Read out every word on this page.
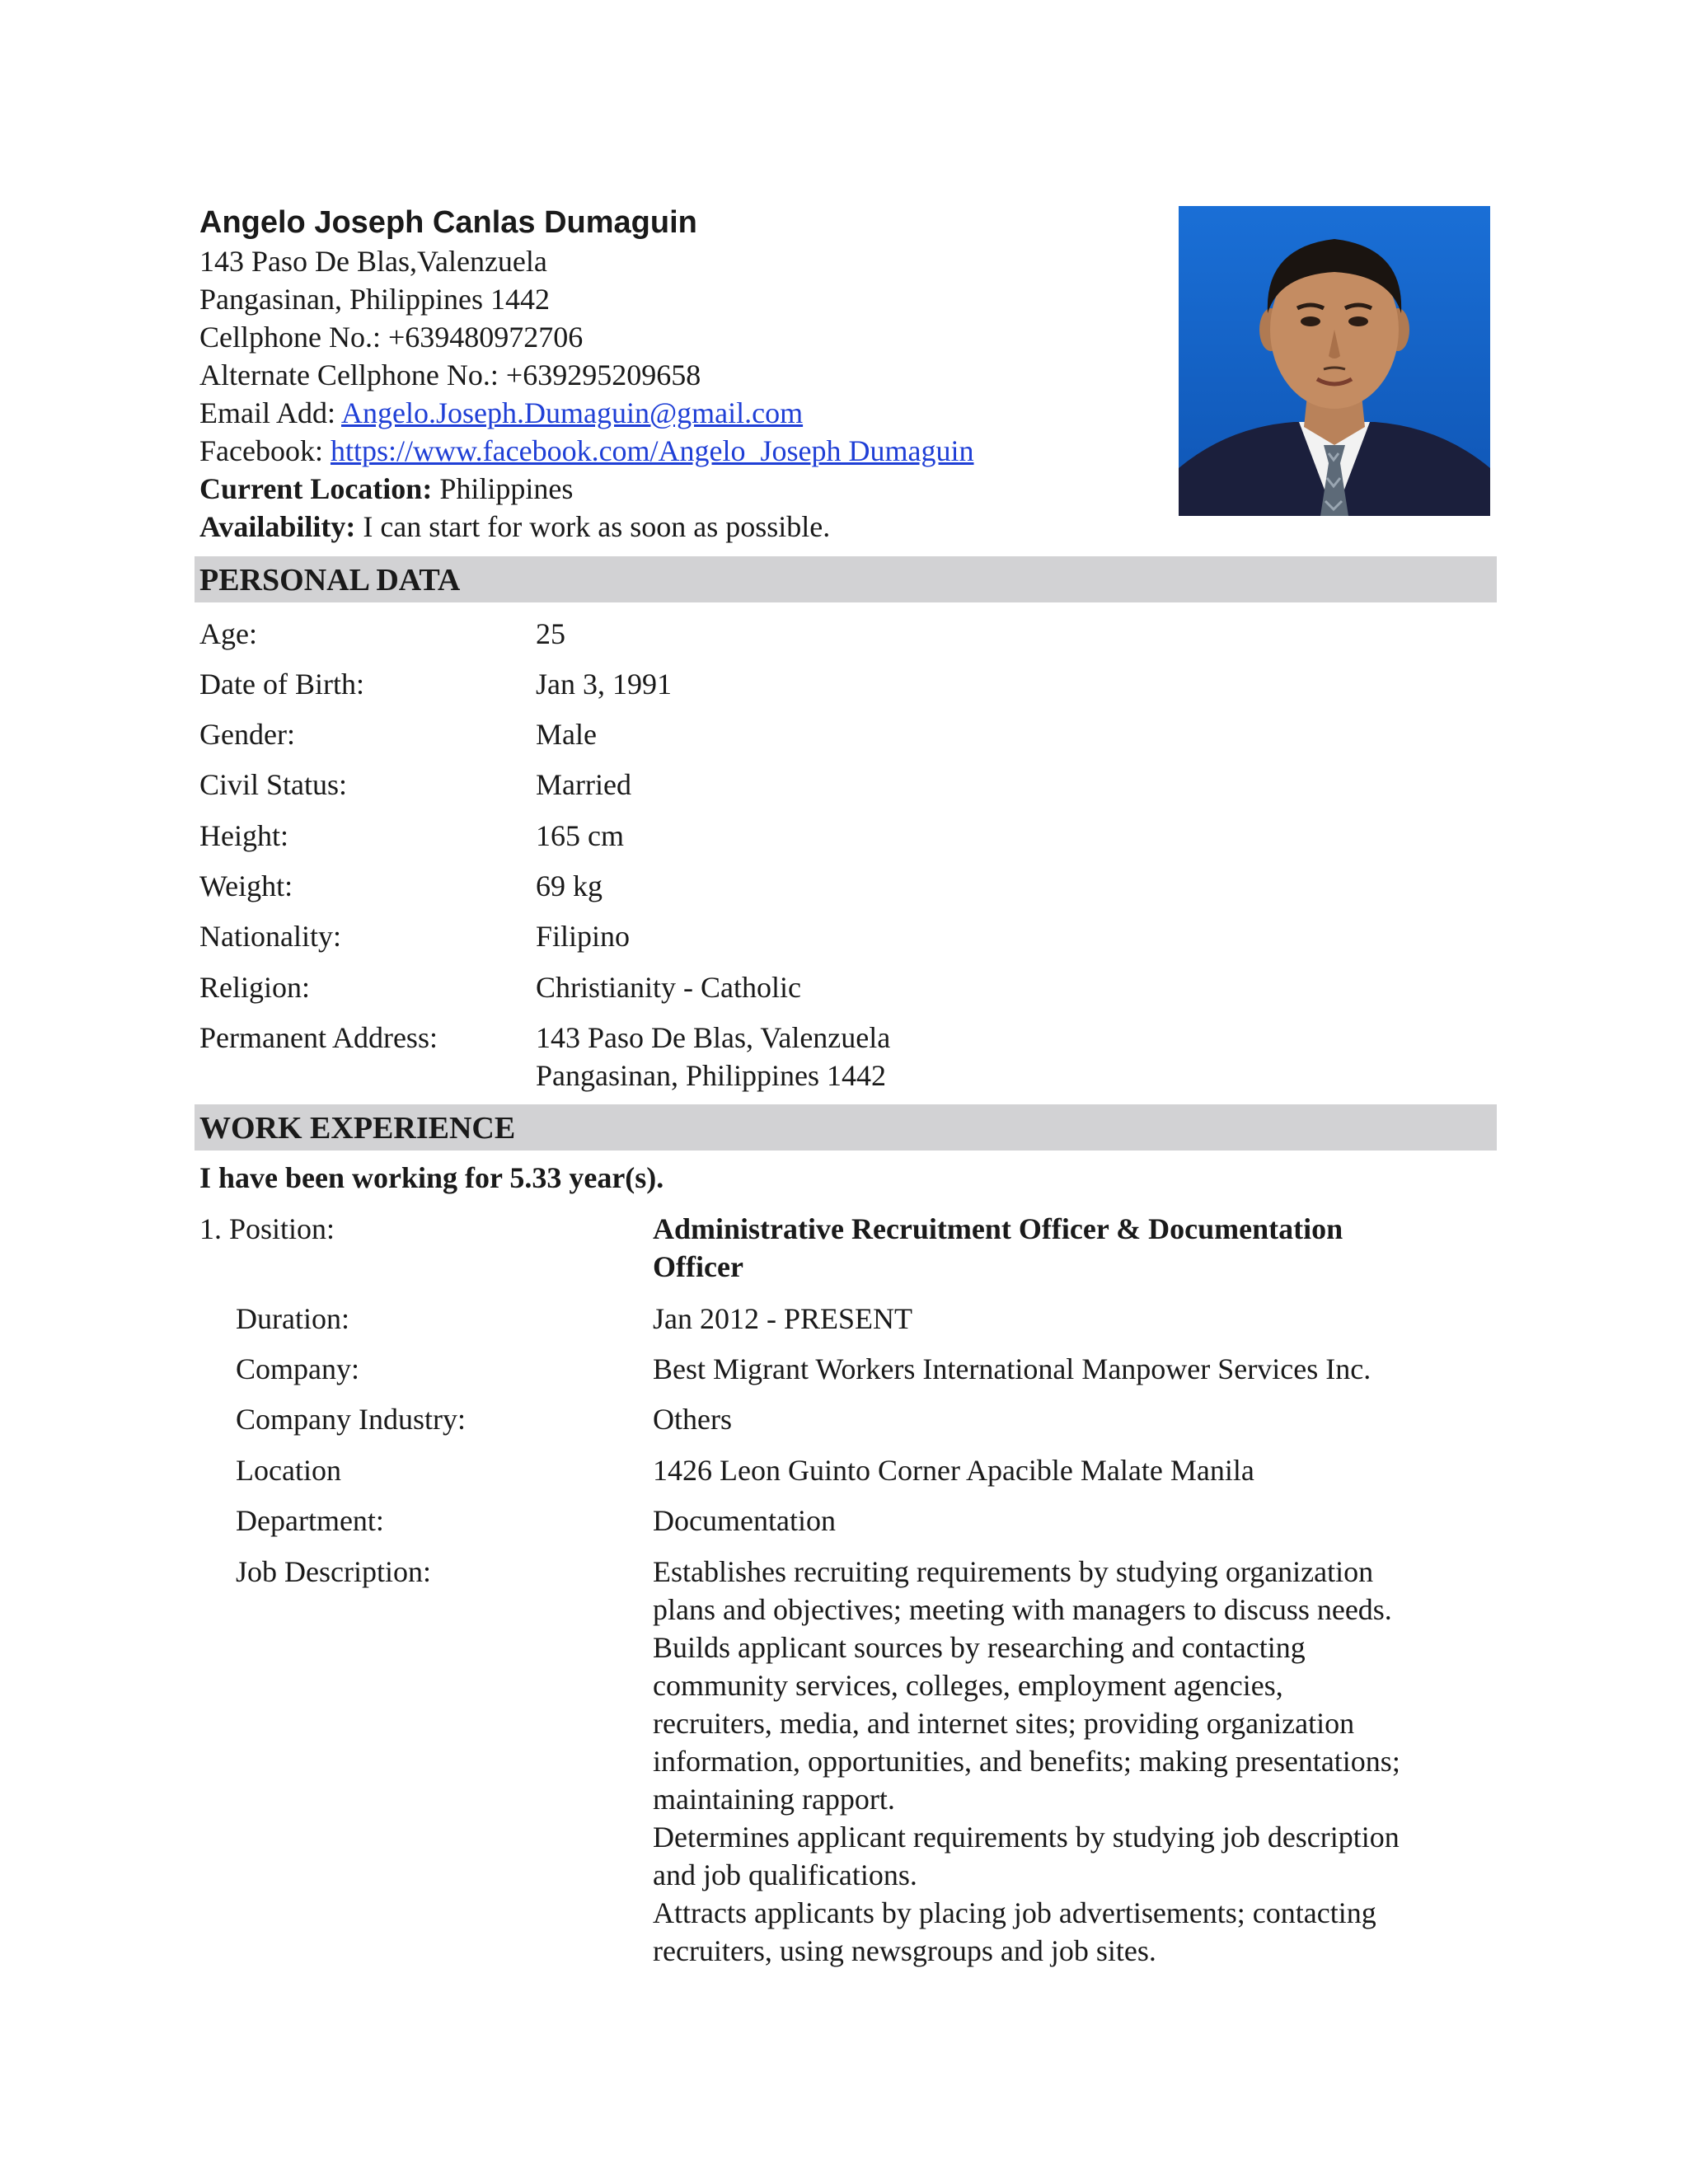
Angelo Joseph Canlas Dumaguin
143 Paso De Blas,Valenzuela
Pangasinan, Philippines 1442
Cellphone No.: +639480972706
Alternate Cellphone No.: +639295209658
Email Add: Angelo.Joseph.Dumaguin@gmail.com
Facebook: https://www.facebook.com/Angelo_Joseph Dumaguin
Current Location: Philippines
Availability: I can start for work as soon as possible.
PERSONAL DATA
Age:	25
Date of Birth:	Jan 3, 1991
Gender:	Male
Civil Status:	Married
Height:	165 cm
Weight:	69 kg
Nationality:	Filipino
Religion:	Christianity - Catholic
Permanent Address:	143 Paso De Blas, Valenzuela
Pangasinan, Philippines 1442
WORK EXPERIENCE
I have been working for 5.33 year(s).
1. Position:	Administrative Recruitment Officer & Documentation
Officer
Duration:	Jan 2012 - PRESENT
Company:	Best Migrant Workers International Manpower Services Inc.
Company Industry:	Others
Location	1426 Leon Guinto Corner Apacible Malate Manila
Department:	Documentation
Job Description:	Establishes recruiting requirements by studying organization
plans and objectives; meeting with managers to discuss needs.
Builds applicant sources by researching and contacting
community services, colleges, employment agencies,
recruiters, media, and internet sites; providing organization
information, opportunities, and benefits; making presentations;
maintaining rapport.
Determines applicant requirements by studying job description
and job qualifications.
Attracts applicants by placing job advertisements; contacting
recruiters, using newsgroups and job sites.
